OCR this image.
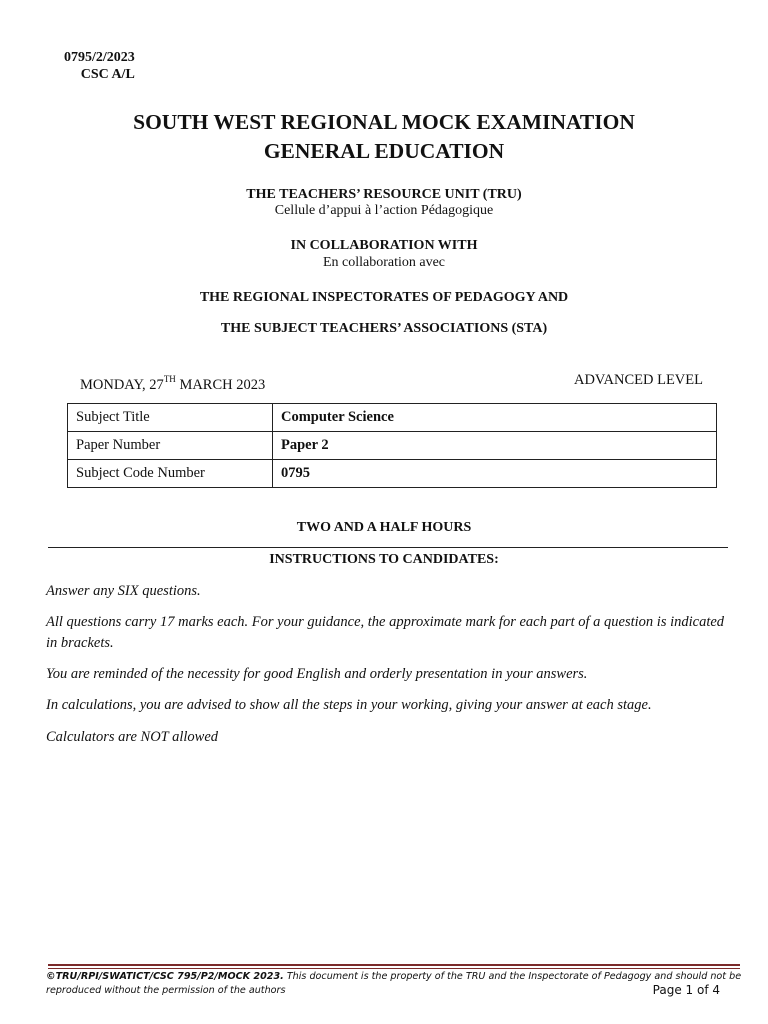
0795/2/2023
CSC A/L
SOUTH WEST REGIONAL MOCK EXAMINATION
GENERAL EDUCATION
THE TEACHERS’ RESOURCE UNIT (TRU)
Cellule d’appui à l’action Pédagogique
IN COLLABORATION WITH
En collaboration avec
THE REGIONAL INSPECTORATES OF PEDAGOGY AND
THE SUBJECT TEACHERS’ ASSOCIATIONS (STA)
MONDAY, 27TH MARCH 2023	ADVANCED LEVEL
Subject Title	Computer Science
Paper Number	Paper 2
Subject Code Number	0795
TWO AND A HALF HOURS
INSTRUCTIONS TO CANDIDATES:
Answer any SIX questions.
All questions carry 17 marks each. For your guidance, the approximate mark for each part of a question is indicated in brackets.
You are reminded of the necessity for good English and orderly presentation in your answers.
In calculations, you are advised to show all the steps in your working, giving your answer at each stage.
Calculators are NOT allowed
©TRU/RPI/SWATICT/CSC 795/P2/MOCK 2023. This document is the property of the TRU and the Inspectorate of Pedagogy and should not be reproduced without the permission of the authors	Page 1 of 4
